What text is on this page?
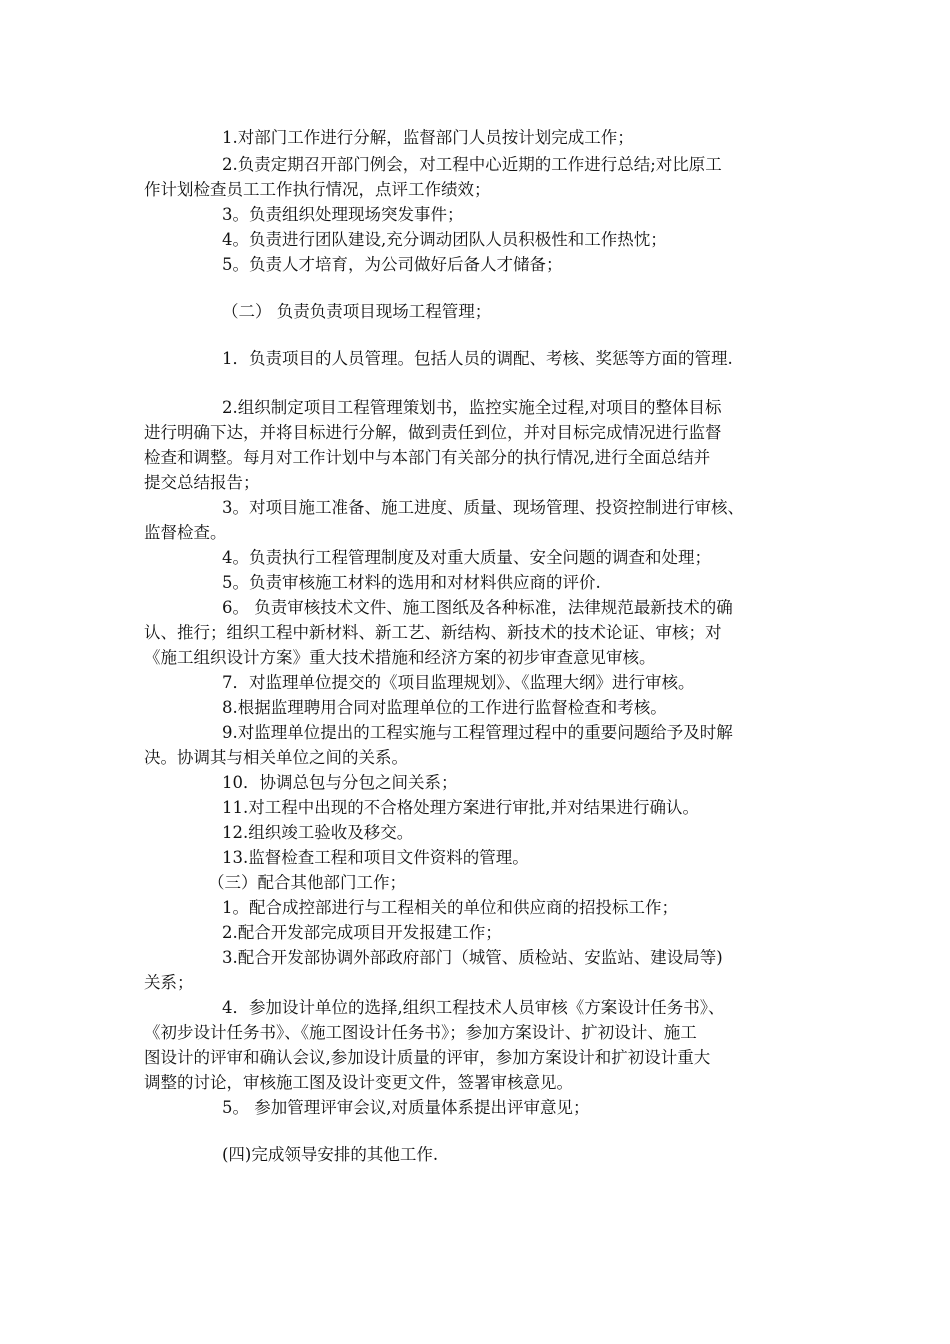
1.对部门工作进行分解，监督部门人员按计划完成工作；
2.负责定期召开部门例会，对工程中心近期的工作进行总结;对比原工
作计划检查员工工作执行情况，点评工作绩效；
3。负责组织处理现场突发事件；
4。负责进行团队建设,充分调动团队人员积极性和工作热忱；
5。负责人才培育，为公司做好后备人才储备；
（二） 负责负责项目现场工程管理；
1．负责项目的人员管理。包括人员的调配、考核、奖惩等方面的管理.
2.组织制定项目工程管理策划书，监控实施全过程,对项目的整体目标
进行明确下达，并将目标进行分解，做到责任到位，并对目标完成情况进行监督
检查和调整。每月对工作计划中与本部门有关部分的执行情况,进行全面总结并
提交总结报告；
3。对项目施工准备、施工进度、质量、现场管理、投资控制进行审核、
监督检查。
4。负责执行工程管理制度及对重大质量、安全问题的调查和处理；
5。负责审核施工材料的选用和对材料供应商的评价.
6。 负责审核技术文件、施工图纸及各种标准，法律规范最新技术的确
认、推行；组织工程中新材料、新工艺、新结构、新技术的技术论证、审核；对
《施工组织设计方案》重大技术措施和经济方案的初步审查意见审核。
7．对监理单位提交的《项目监理规划》、《监理大纲》进行审核。
8.根据监理聘用合同对监理单位的工作进行监督检查和考核。
9.对监理单位提出的工程实施与工程管理过程中的重要问题给予及时解
决。协调其与相关单位之间的关系。
10．协调总包与分包之间关系；
11.对工程中出现的不合格处理方案进行审批,并对结果进行确认。
12.组织竣工验收及移交。
13.监督检查工程和项目文件资料的管理。
（三）配合其他部门工作；
1。配合成控部进行与工程相关的单位和供应商的招投标工作；
2.配合开发部完成项目开发报建工作；
3.配合开发部协调外部政府部门（城管、质检站、安监站、建设局等)
关系；
4．参加设计单位的选择,组织工程技术人员审核《方案设计任务书》、
《初步设计任务书》、《施工图设计任务书》；参加方案设计、扩初设计、施工
图设计的评审和确认会议,参加设计质量的评审，参加方案设计和扩初设计重大
调整的讨论，审核施工图及设计变更文件，签署审核意见。
5。 参加管理评审会议,对质量体系提出评审意见；
(四)完成领导安排的其他工作.
